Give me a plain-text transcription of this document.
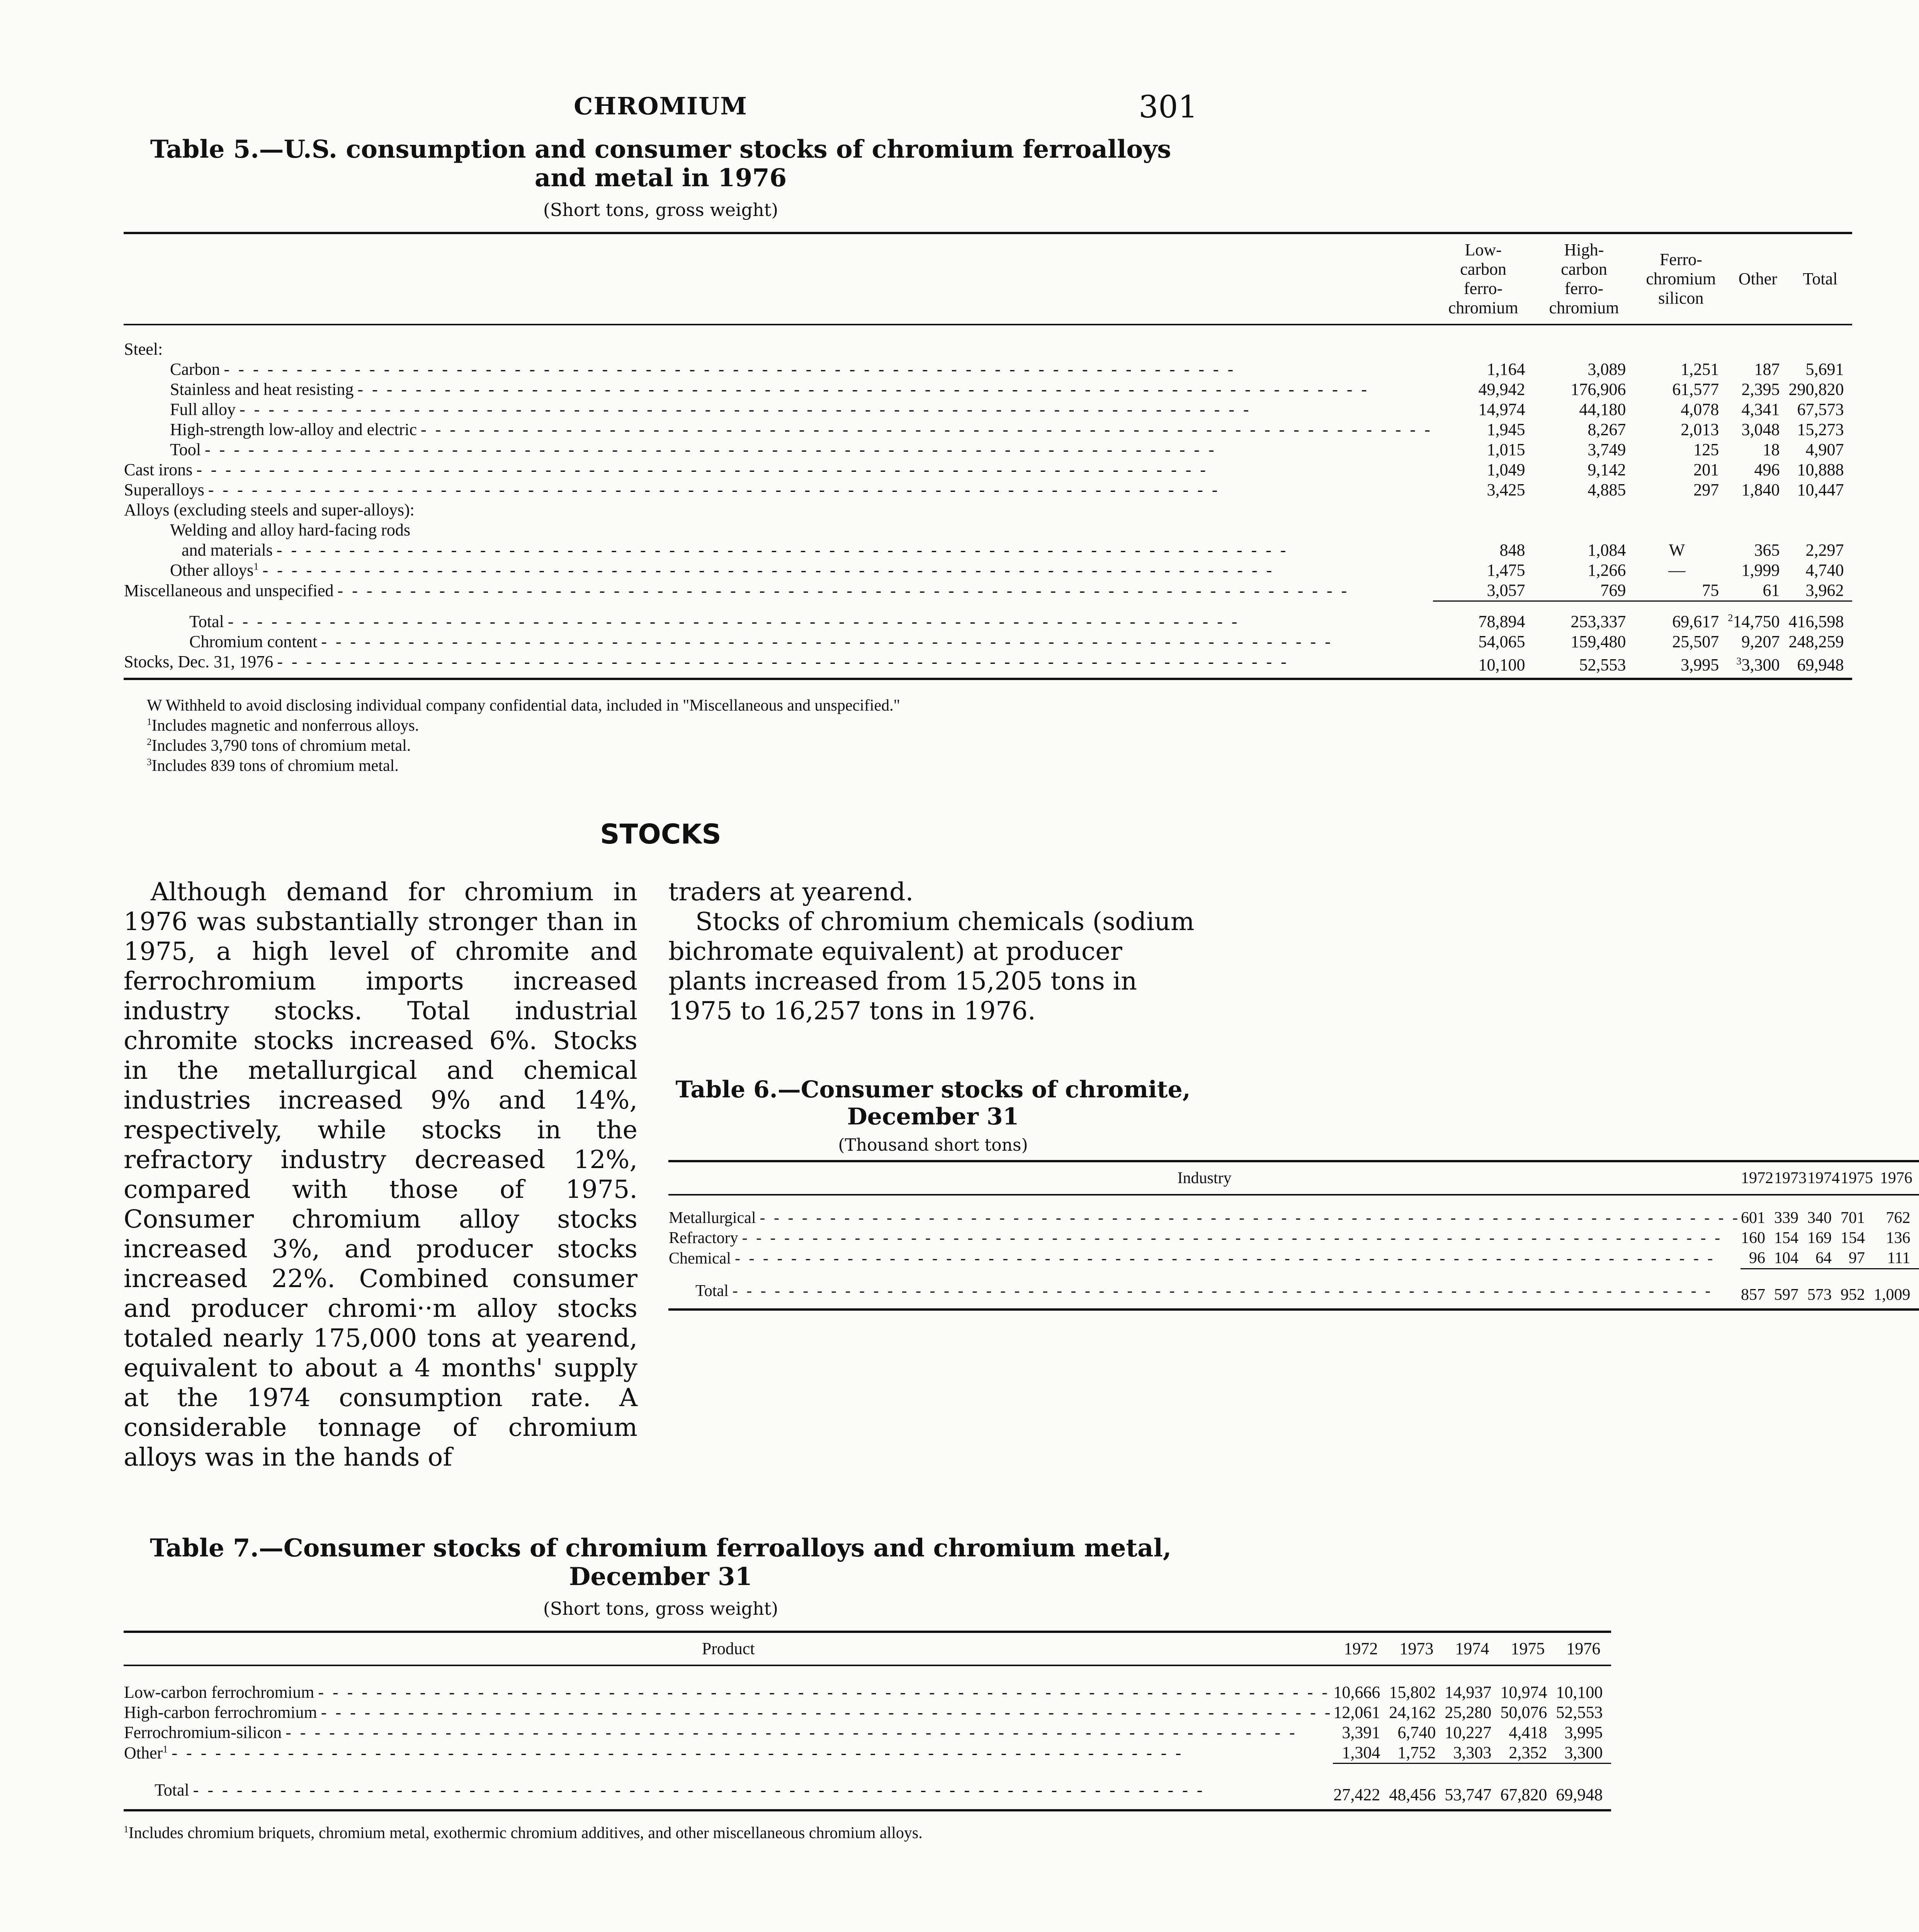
CHROMIUM	301

Table 5.—U.S. consumption and consumer stocks of chromium ferroalloys and metal in 1976

(Short tons, gross weight)

	Low-carbon ferro-chromium	High-carbon ferro-chromium	Ferro-chromium silicon	Other	Total

Steel:					

Carbon
- - -	1,164	3,089	1,251	187	5,691

Stainless and heat resisting
- - -	49,942	176,906	61,577	2,395	290,820

Full alloy
- - -	14,974	44,180	4,078	4,341	67,573

High-strength low-alloy and electric
- - -	1,945	8,267	2,013	3,048	15,273

Tool
- - -	1,015	3,749	125	18	4,907

Cast irons
- - -	1,049	9,142	201	496	10,888

Superalloys
- - -	3,425	4,885	297	1,840	10,447
Alloys (excluding steels and super-alloys):					
Welding and alloy hard-facing rods					

and materials
- - -	848	1,084	W	365	2,297

Other alloys$^1$
- - -	1,475	1,266	—	1,999	4,740

Miscellaneous and unspecified
- - -	3,057	769	75	61	3,962

Total
- - -	78,894	253,337	69,617	$^2$14,750	416,598

Chromium content
- - -	54,065	159,480	25,507	9,207	248,259

Stocks, Dec. 31, 1976
- - -	10,100	52,553	3,995	$^3$3,300	69,948

W Withheld to avoid disclosing individual company confidential data, included in "Miscellaneous and unspecified."

$^1$Includes magnetic and nonferrous alloys.

$^2$Includes 3,790 tons of chromium metal.

$^3$Includes 839 tons of chromium metal.

STOCKS

Although demand for chromium in 1976 was substantially stronger than in 1975, a high level of chromite and ferrochromium imports increased industry stocks. Total industrial chromite stocks increased 6%. Stocks in the metallurgical and chemical industries increased 9% and 14%, respectively, while stocks in the refractory industry decreased 12%, compared with those of 1975. Consumer chromium alloy stocks increased 3%, and producer stocks increased 22%. Combined consumer and producer chromi··m alloy stocks totaled nearly 175,000 tons at yearend, equivalent to about a 4 months' supply at the 1974 consumption rate. A considerable tonnage of chromium alloys was in the hands of

traders at yearend.

Stocks of chromium chemicals (sodium bichromate equivalent) at producer plants increased from 15,205 tons in 1975 to 16,257 tons in 1976.

Table 6.—Consumer stocks of chromite,

December 31

(Thousand short tons)

Industry	1972	1973	1974	1975	1976

Metallurgical
- - -	601	339	340	701	762

Refractory
- - -	160	154	169	154	136

Chemical
- - -	96	104	64	97	111

Total
- - -	857	597	573	952	1,009

Table 7.—Consumer stocks of chromium ferroalloys and chromium metal, December 31

(Short tons, gross weight)

Product	1972	1973	1974	1975	1976

Low-carbon ferrochromium
- - -	10,666	15,802	14,937	10,974	10,100

High-carbon ferrochromium
- - -	12,061	24,162	25,280	50,076	52,553

Ferrochromium-silicon
- - -	3,391	6,740	10,227	4,418	3,995

Other$^1$
- - -	1,304	1,752	3,303	2,352	3,300

Total
- - -	27,422	48,456	53,747	67,820	69,948

$^1$Includes chromium briquets, chromium metal, exothermic chromium additives, and other miscellaneous chromium alloys.
